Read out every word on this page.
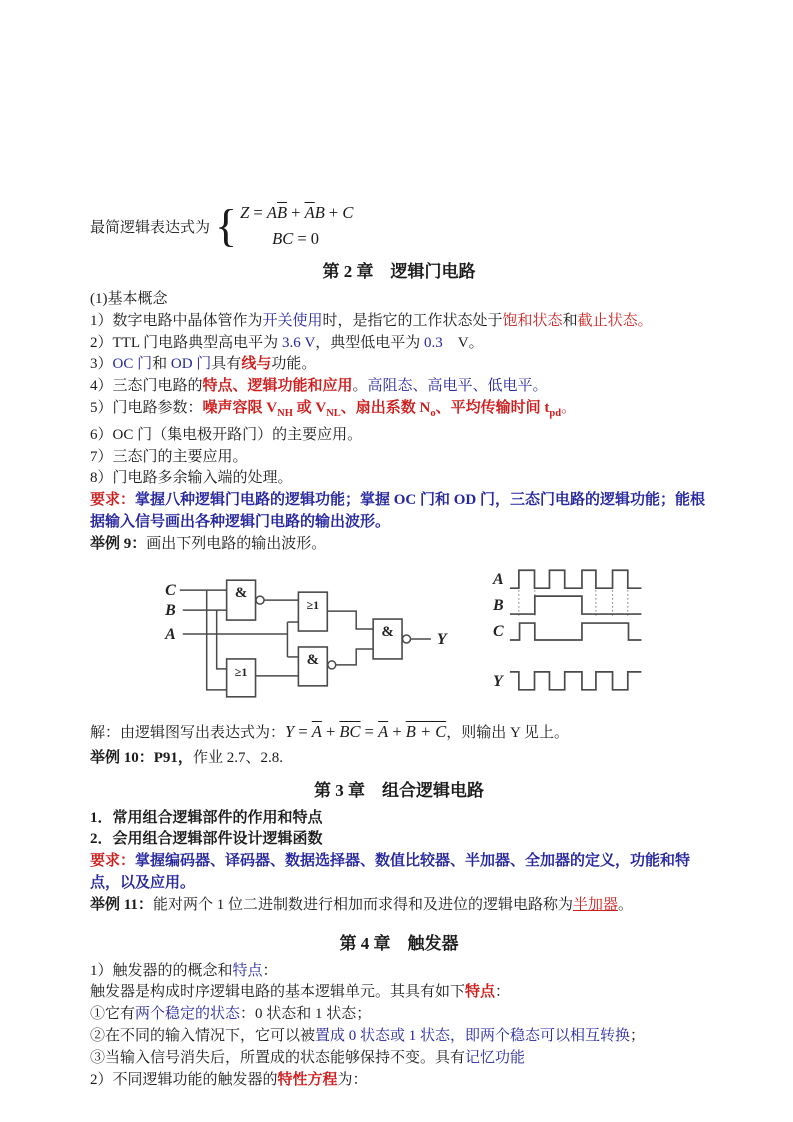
最简逻辑表达式为 { $Z = A\overline{B} + \overline{A}B + C$
BC = 0
第 2 章　逻辑门电路

(1)基本概念

1）数字电路中晶体管作为开关使用时，是指它的工作状态处于饱和状态和截止状态。

2）TTL 门电路典型高电平为 3.6 V，典型低电平为 0.3　V。

3）OC 门和 OD 门具有线与功能。

4）三态门电路的特点、逻辑功能和应用。高阻态、高电平、低电平。

5）门电路参数：噪声容限 $V_{NH}$ 或 $V_{NL}$、扇出系数 $N_o$、平均传输时间 $t_{pd}$。

6）OC 门（集电极开路门）的主要应用。

7）三态门的主要应用。

8）门电路多余输入端的处理。

要求：掌握八种逻辑门电路的逻辑功能；掌握 OC 门和 OD 门，三态门电路的逻辑功能；能根据输入信号画出各种逻辑门电路的输出波形。

举例 9：画出下列电路的输出波形。

&
≥1
≥1
&
&
C
B
A	Y
A
B
C
Y

解：由逻辑图写出表达式为：$Y = \overline{A} + \overline{B}\overline{C} = \overline{A} + B + C$，则输出 Y 见上。

举例 10：P91，作业 2.7、2.8.

第 3 章　组合逻辑电路

1．常用组合逻辑部件的作用和特点

2．会用组合逻辑部件设计逻辑函数

要求：掌握编码器、译码器、数据选择器、数值比较器、半加器、全加器的定义，功能和特点，以及应用。

举例 11：能对两个 1 位二进制数进行相加而求得和及进位的逻辑电路称为半加器。

第 4 章　触发器

1）触发器的的概念和特点：

触发器是构成时序逻辑电路的基本逻辑单元。其具有如下特点：

①它有两个稳定的状态：0 状态和 1 状态；

②在不同的输入情况下，它可以被置成 0 状态或 1 状态，即两个稳态可以相互转换；

③当输入信号消失后，所置成的状态能够保持不变。具有记忆功能

2）不同逻辑功能的触发器的特性方程为：
